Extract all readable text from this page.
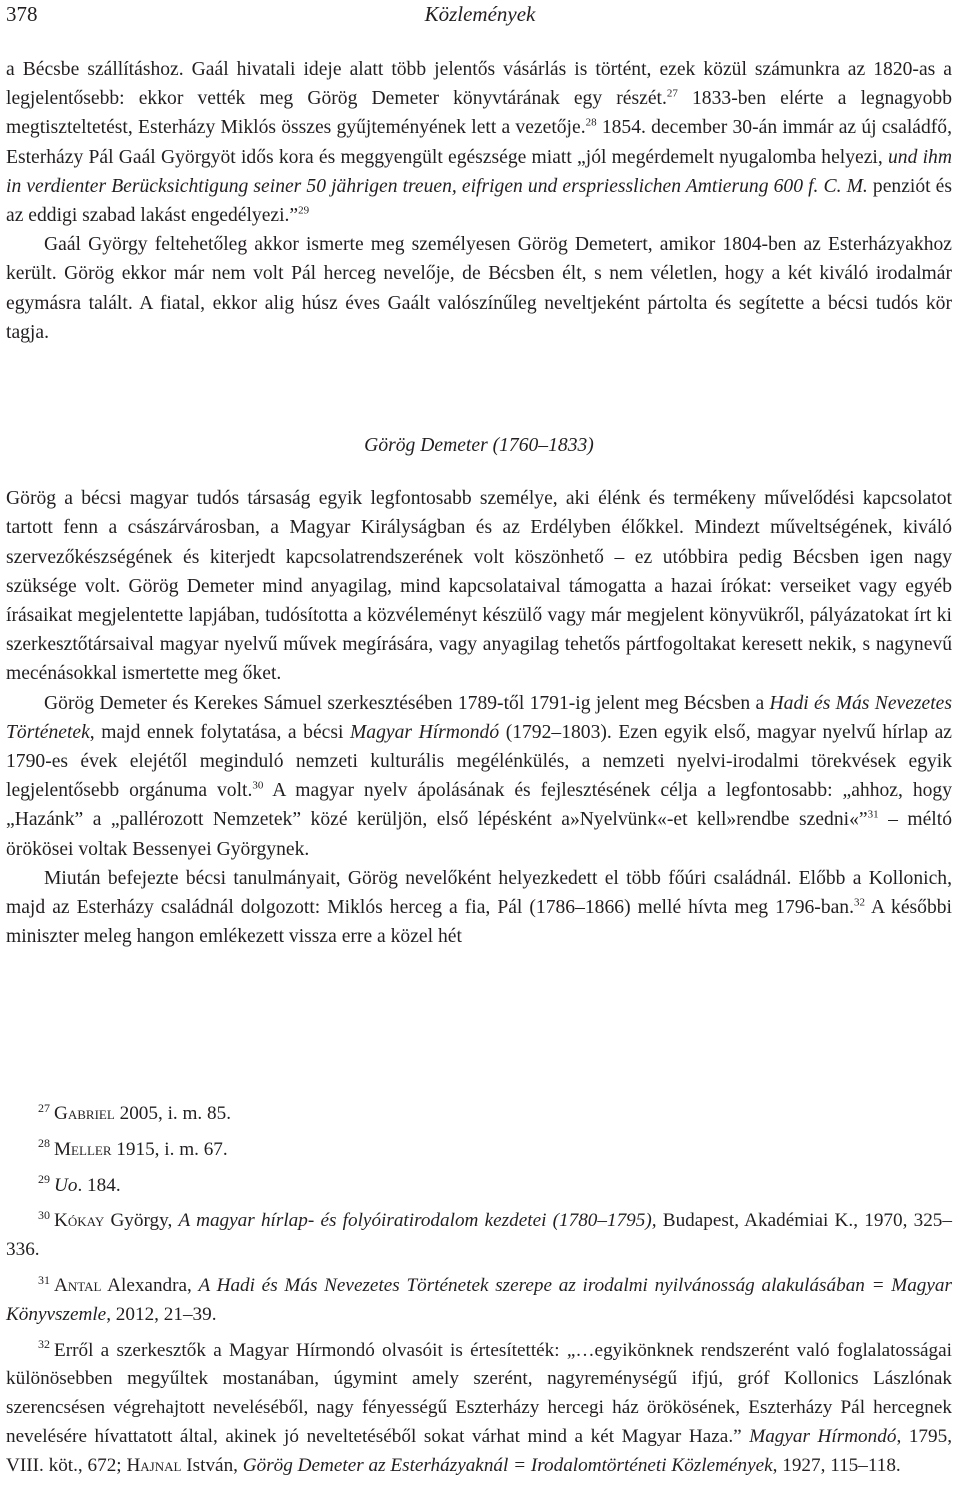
378	Közlemények

a Bécsbe szállításhoz. Gaál hivatali ideje alatt több jelentős vásárlás is történt, ezek közül számunkra az 1820-as a legjelentősebb: ekkor vették meg Görög Demeter könyvtárának egy részét.$^{27}$ 1833-ben elérte a legnagyobb megtiszteltetést, Esterházy Miklós összes gyűjteményének lett a vezetője.$^{28}$ 1854. december 30-án immár az új családfő, Esterházy Pál Gaál Györgyöt idős kora és meggyengült egészsége miatt „jól megérdemelt nyugalomba helyezi, und ihm in verdienter Berücksichtigung seiner 50 jährigen treuen, eifrigen und erspriesslichen Amtierung 600 f. C. M. penziót és az eddigi szabad lakást engedélyezi.”$^{29}$

Gaál György feltehetőleg akkor ismerte meg személyesen Görög Demetert, amikor 1804-ben az Esterházyakhoz került. Görög ekkor már nem volt Pál herceg nevelője, de Bécsben élt, s nem véletlen, hogy a két kiváló irodalmár egymásra talált. A fiatal, ekkor alig húsz éves Gaált valószínűleg neveltjeként pártolta és segítette a bécsi tudós kör tagja.

Görög Demeter (1760–1833)

Görög a bécsi magyar tudós társaság egyik legfontosabb személye, aki élénk és termékeny művelődési kapcsolatot tartott fenn a császárvárosban, a Magyar Királyságban és az Erdélyben élőkkel. Mindezt műveltségének, kiváló szervezőkészségének és kiterjedt kapcsolatrendszerének volt köszönhető – ez utóbbira pedig Bécsben igen nagy szüksége volt. Görög Demeter mind anyagilag, mind kapcsolataival támogatta a hazai írókat: verseiket vagy egyéb írásaikat megjelentette lapjában, tudósította a közvéleményt készülő vagy már megjelent könyvükről, pályázatokat írt ki szerkesztőtársaival magyar nyelvű művek megírására, vagy anyagilag tehetős pártfogoltakat keresett nekik, s nagynevű mecénásokkal ismertette meg őket.

Görög Demeter és Kerekes Sámuel szerkesztésében 1789-től 1791-ig jelent meg Bécsben a Hadi és Más Nevezetes Történetek, majd ennek folytatása, a bécsi Magyar Hírmondó (1792–1803). Ezen egyik első, magyar nyelvű hírlap az 1790-es évek elejétől meginduló nemzeti kulturális megélénkülés, a nemzeti nyelvi-irodalmi törekvések egyik legjelentősebb orgánuma volt.$^{30}$ A magyar nyelv ápolásának és fejlesztésének célja a legfontosabb: „ahhoz, hogy „Hazánk” a „pallérozott Nemzetek” közé kerüljön, első lépésként a»Nyelvünk«-et kell»rendbe szedni«”$^{31}$ – méltó örökösei voltak Bessenyei Györgynek.

Miután befejezte bécsi tanulmányait, Görög nevelőként helyezkedett el több főúri családnál. Előbb a Kollonich, majd az Esterházy családnál dolgozott: Miklós herceg a fia, Pál (1786–1866) mellé hívta meg 1796-ban.$^{32}$ A későbbi miniszter meleg hangon emlékezett vissza erre a közel hét

$^{27}$ Gabriel 2005, i. m. 85.

$^{28}$ Meller 1915, i. m. 67.

$^{29}$ Uo. 184.

$^{30}$ Kókay György, A magyar hírlap- és folyóiratirodalom kezdetei (1780–1795), Budapest, Akadémiai K., 1970, 325–336.

$^{31}$ Antal Alexandra, A Hadi és Más Nevezetes Történetek szerepe az irodalmi nyilvánosság alakulásában = Magyar Könyvszemle, 2012, 21–39.

$^{32}$ Erről a szerkesztők a Magyar Hírmondó olvasóit is értesítették: „…egyikönknek rendszerént való foglalatosságai különösebben megyűltek mostanában, úgymint amely szerént, nagyreménységű ifjú, gróf Kollonics Lászlónak szerencsésen végrehajtott neveléséből, nagy fényességű Eszterházy hercegi ház örökösének, Eszterházy Pál hercegnek nevelésére hívattatott által, akinek jó neveltetéséből sokat várhat mind a két Magyar Haza.” Magyar Hírmondó, 1795, VIII. köt., 672; Hajnal István, Görög Demeter az Esterházyaknál = Irodalomtörténeti Közlemények, 1927, 115–118.
